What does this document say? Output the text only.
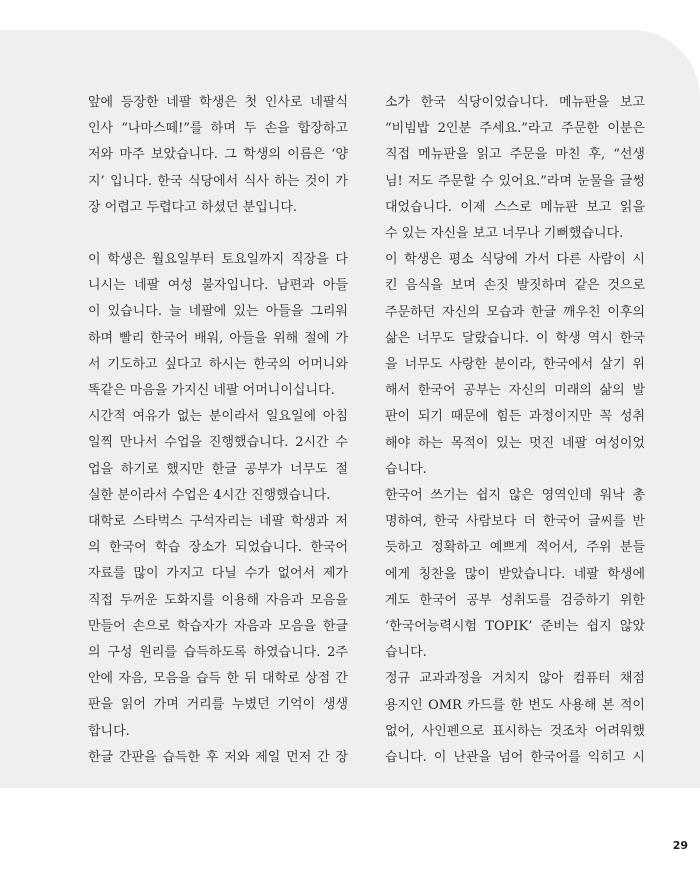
앞에 등장한 네팔 학생은 첫 인사로 네팔식

인사 “나마스떼!”를 하며 두 손을 합장하고

저와 마주 보았습니다. 그 학생의 이름은 ‘양

지’ 입니다. 한국 식당에서 식사 하는 것이 가

장 어렵고 두렵다고 하셨던 분입니다.

이 학생은 월요일부터 토요일까지 직장을 다

니시는 네팔 여성 불자입니다. 남편과 아들

이 있습니다. 늘 네팔에 있는 아들을 그리워

하며 빨리 한국어 배워, 아들을 위해 절에 가

서 기도하고 싶다고 하시는 한국의 어머니와

똑같은 마음을 가지신 네팔 어머니이십니다.

시간적 여유가 없는 분이라서 일요일에 아침

일찍 만나서 수업을 진행했습니다. 2시간 수

업을 하기로 했지만 한글 공부가 너무도 절

실한 분이라서 수업은 4시간 진행했습니다.

대학로 스타벅스 구석자리는 네팔 학생과 저

의 한국어 학습 장소가 되었습니다. 한국어

자료를 많이 가지고 다닐 수가 없어서 제가

직접 두꺼운 도화지를 이용해 자음과 모음을

만들어 손으로 학습자가 자음과 모음을 한글

의 구성 원리를 습득하도록 하였습니다. 2주

안에 자음, 모음을 습득 한 뒤 대학로 상점 간

판을 읽어 가며 거리를 누볐던 기억이 생생

합니다.

한글 간판을 습득한 후 저와 제일 먼저 간 장

소가 한국 식당이었습니다. 메뉴판을 보고

“비빔밥 2인분 주세요.”라고 주문한 이분은

직접 메뉴판을 읽고 주문을 마친 후, “선생

님! 저도 주문할 수 있어요.”라며 눈물을 글썽

대었습니다. 이제 스스로 메뉴판 보고 읽을

수 있는 자신을 보고 너무나 기뻐했습니다.

이 학생은 평소 식당에 가서 다른 사람이 시

킨 음식을 보며 손짓 발짓하며 같은 것으로

주문하던 자신의 모습과 한글 깨우친 이후의

삶은 너무도 달랐습니다. 이 학생 역시 한국

을 너무도 사랑한 분이라, 한국에서 살기 위

해서 한국어 공부는 자신의 미래의 삶의 발

판이 되기 때문에 힘든 과정이지만 꼭 성취

해야 하는 목적이 있는 멋진 네팔 여성이었

습니다.

한국어 쓰기는 쉽지 않은 영역인데 워낙 총

명하여, 한국 사람보다 더 한국어 글씨를 반

듯하고 정확하고 예쁘게 적어서, 주위 분들

에게 칭찬을 많이 받았습니다. 네팔 학생에

게도 한국어 공부 성취도를 검증하기 위한

‘한국어능력시험 TOPIK’ 준비는 쉽지 않았

습니다.

정규 교과과정을 거치지 않아 컴퓨터 채점

용지인 OMR 카드를 한 번도 사용해 본 적이

없어, 사인펜으로 표시하는 것조차 어려워했

습니다. 이 난관을 넘어 한국어를 익히고 시

29
